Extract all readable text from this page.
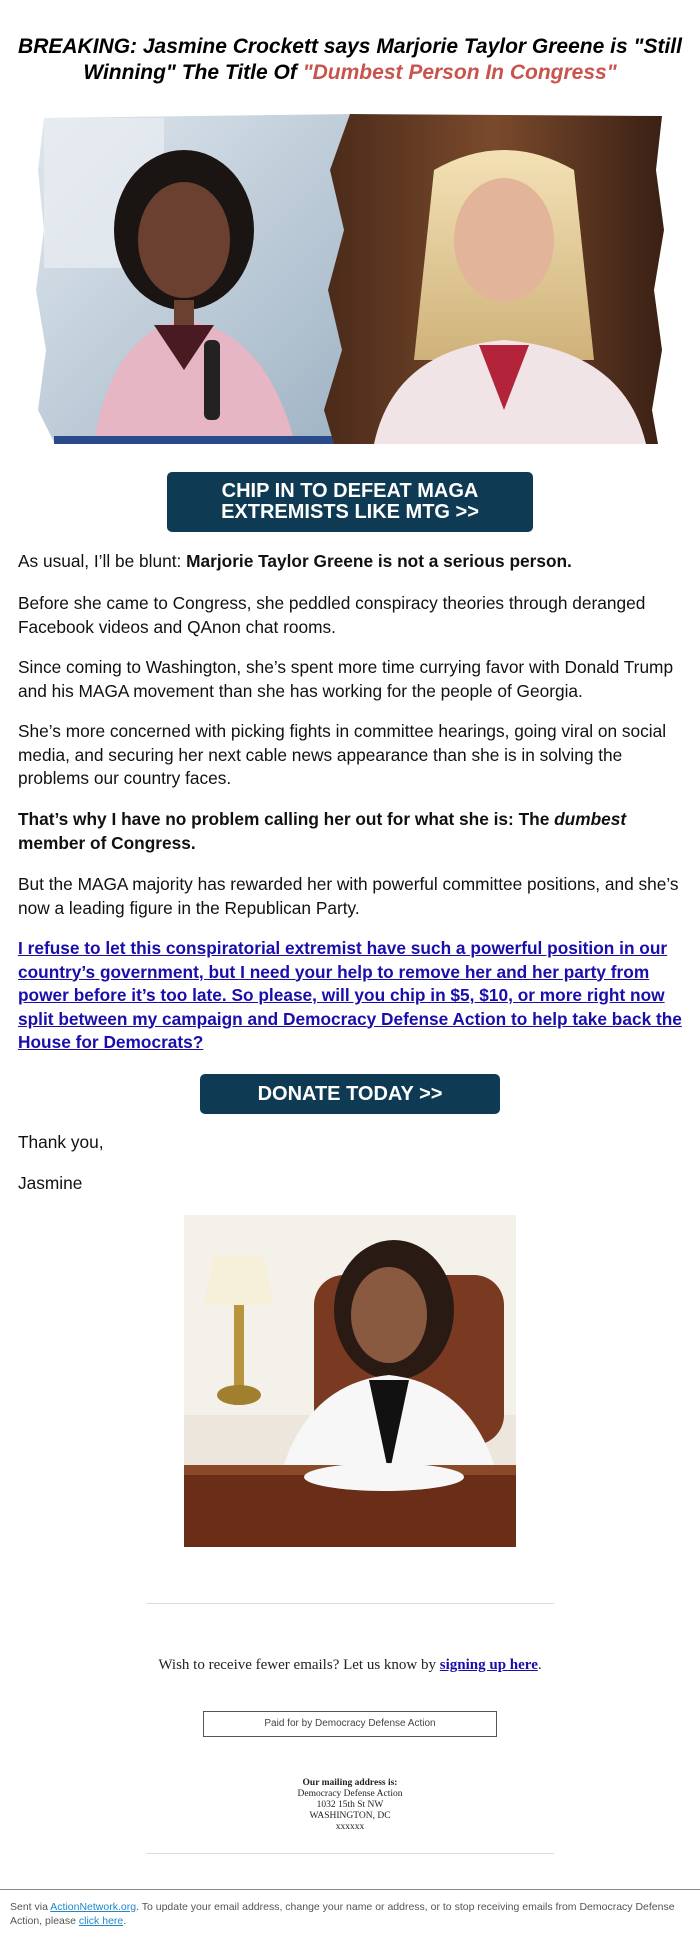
BREAKING: Jasmine Crockett says Marjorie Taylor Greene is "Still Winning" The Title Of "Dumbest Person In Congress"
CHIP IN TO DEFEAT MAGA EXTREMISTS LIKE MTG >>

As usual, I’ll be blunt: Marjorie Taylor Greene is not a serious person.

Before she came to Congress, she peddled conspiracy theories through deranged Facebook videos and QAnon chat rooms.

Since coming to Washington, she’s spent more time currying favor with Donald Trump and his MAGA movement than she has working for the people of Georgia.

She’s more concerned with picking fights in committee hearings, going viral on social media, and securing her next cable news appearance than she is in solving the problems our country faces.

That’s why I have no problem calling her out for what she is: The dumbest member of Congress.

But the MAGA majority has rewarded her with powerful committee positions, and she’s now a leading figure in the Republican Party.

I refuse to let this conspiratorial extremist have such a powerful position in our country’s government, but I need your help to remove her and her party from power before it’s too late. So please, will you chip in $5, $10, or more right now split between my campaign and Democracy Defense Action to help take back the House for Democrats?

DONATE TODAY >>

Thank you,

Jasmine

Wish to receive fewer emails? Let us know by signing up here.

Paid for by Democracy Defense Action
Our mailing address is:
Democracy Defense Action
1032 15th St NW
WASHINGTON, DC
xxxxxx

Sent via ActionNetwork.org. To update your email address, change your name or address, or to stop receiving emails from Democracy Defense Action, please click here.
